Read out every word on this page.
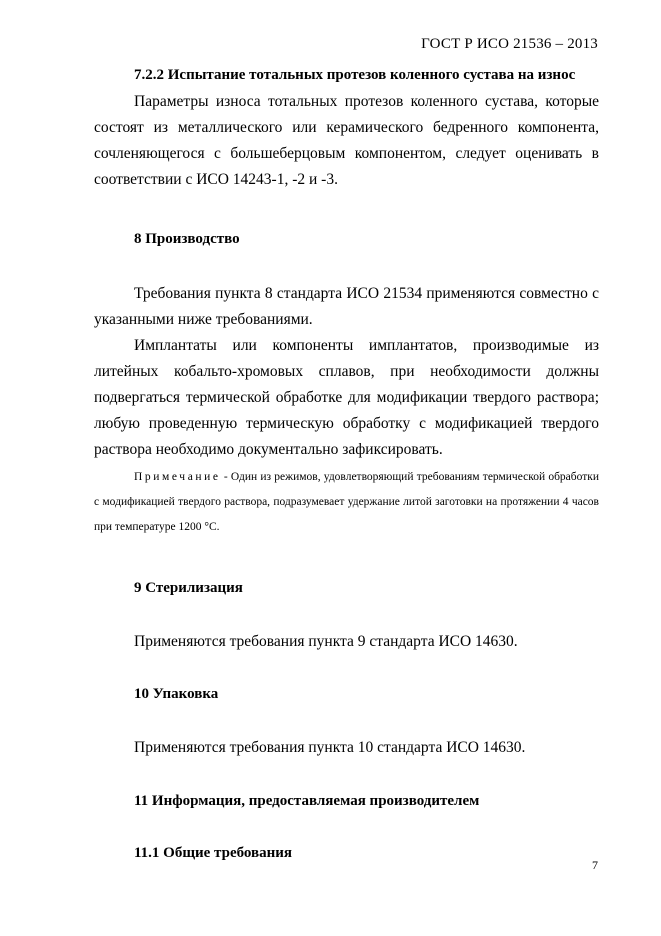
ГОСТ Р ИСО 21536 – 2013

7.2.2 Испытание тотальных протезов коленного сустава на износ

Параметры износа тотальных протезов коленного сустава, которые состоят из металлического или керамического бедренного компонента, сочленяющегося с большеберцовым компонентом, следует оценивать в соответствии с ИСО 14243-1, -2 и -3.

8 Производство

Требования пункта 8 стандарта ИСО 21534 применяются совместно с указанными ниже требованиями.

Имплантаты или компоненты имплантатов, производимые из литейных кобальто-хромовых сплавов, при необходимости должны подвергаться термической обработке для модификации твердого раствора; любую проведенную термическую обработку с модификацией твердого раствора необходимо документально зафиксировать.

Примечание - Один из режимов, удовлетворяющий требованиям термической обработки с модификацией твердого раствора, подразумевает удержание литой заготовки на протяжении 4 часов при температуре 1200 °С.

9 Стерилизация

Применяются требования пункта 9 стандарта ИСО 14630.

10 Упаковка

Применяются требования пункта 10 стандарта ИСО 14630.

11 Информация, предоставляемая производителем

11.1 Общие требования

7
